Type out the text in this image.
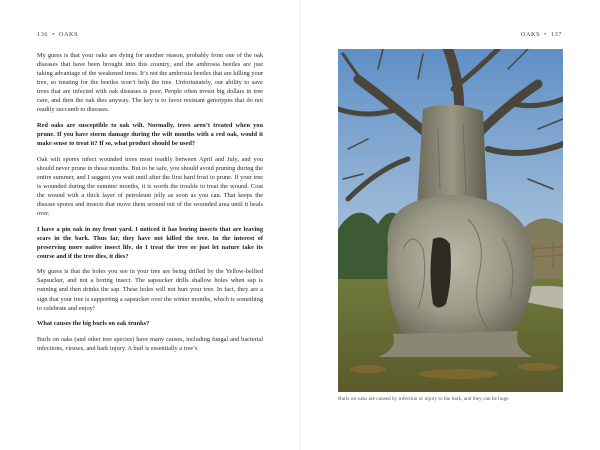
136 • OAKS

My guess is that your oaks are dying for another reason, probably from one of the oak diseases that have been brought into this country, and the ambrosia beetles are just taking advantage of the weakened trees. It’s not the ambrosia beetles that are killing your tree, so treating for the beetles won’t help the tree. Unfortunately, our ability to save trees that are infected with oak diseases is poor. People often invest big dollars in tree care, and then the oak dies anyway. The key is to favor resistant genotypes that do not readily succumb to diseases.

Red oaks are susceptible to oak wilt. Normally, trees aren’t treated when you prune. If you have storm damage during the wilt months with a red oak, would it make sense to treat it? If so, what product should be used?

Oak wilt spores infect wounded trees most readily between April and July, and you should never prune in those months. But to be safe, you should avoid pruning during the entire summer, and I suggest you wait until after the first hard frost to prune. If your tree is wounded during the summer months, it is worth the trouble to treat the wound. Coat the wound with a thick layer of petroleum jelly as soon as you can. That keeps the disease spores and insects that move them around out of the wounded area until it heals over.

I have a pin oak in my front yard. I noticed it has boring insects that are leaving scars in the bark. Thus far, they have not killed the tree. In the interest of preserving more native insect life, do I treat the tree or just let nature take its course and if the tree dies, it dies?

My guess is that the holes you see in your tree are being drilled by the Yellow-bellied Sapsucker, and not a boring insect. The sapsucker drills shallow holes when sap is running and then drinks the sap. These holes will not hurt your tree. In fact, they are a sign that your tree is supporting a sapsucker over the winter months, which is something to celebrate and enjoy!

What causes the big burls on oak trunks?

Burls on oaks (and other tree species) have many causes, including fungal and bacterial infections, viruses, and bark injury. A burl is essentially a tree’s

OAKS • 137
Burls on oaks are caused by infection or injury to the bark, and they can be huge.
